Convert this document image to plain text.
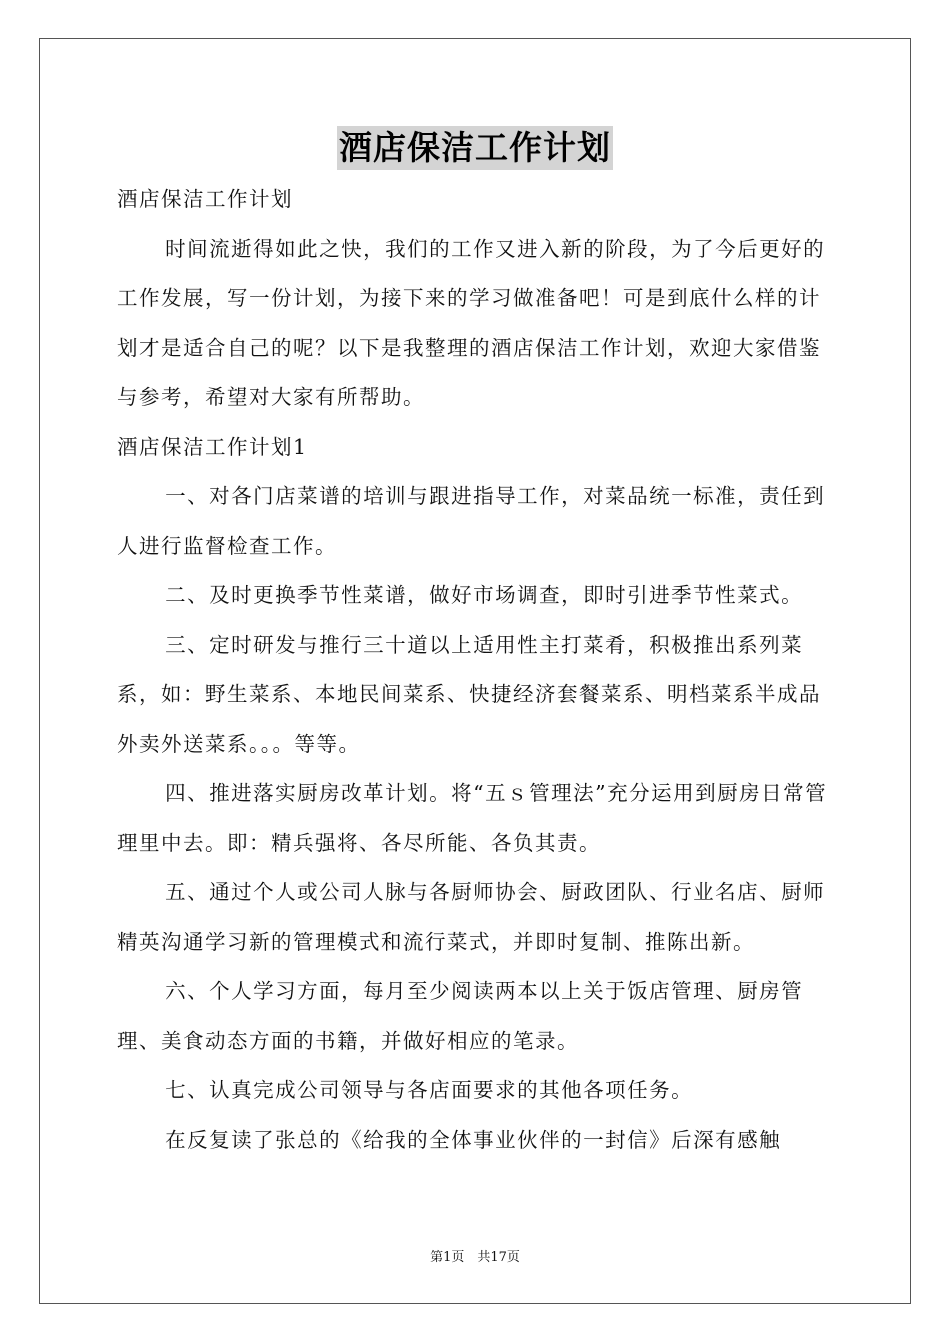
酒店保洁工作计划

酒店保洁工作计划

时间流逝得如此之快，我们的工作又进入新的阶段，为了今后更好的工作发展，写一份计划，为接下来的学习做准备吧！可是到底什么样的计划才是适合自己的呢？以下是我整理的酒店保洁工作计划，欢迎大家借鉴与参考，希望对大家有所帮助。

酒店保洁工作计划1

一、对各门店菜谱的培训与跟进指导工作，对菜品统一标准，责任到人进行监督检查工作。

二、及时更换季节性菜谱，做好市场调查，即时引进季节性菜式。

三、定时研发与推行三十道以上适用性主打菜肴，积极推出系列菜系，如：野生菜系、本地民间菜系、快捷经济套餐菜系、明档菜系半成品外卖外送菜系。。。等等。

四、推进落实厨房改革计划。将“五ｓ管理法”充分运用到厨房日常管理里中去。即：精兵强将、各尽所能、各负其责。

五、通过个人或公司人脉与各厨师协会、厨政团队、行业名店、厨师精英沟通学习新的管理模式和流行菜式，并即时复制、推陈出新。

六、个人学习方面，每月至少阅读两本以上关于饭店管理、厨房管理、美食动态方面的书籍，并做好相应的笔录。

七、认真完成公司领导与各店面要求的其他各项任务。

在反复读了张总的《给我的全体事业伙伴的一封信》后深有感触

第1页　共17页
